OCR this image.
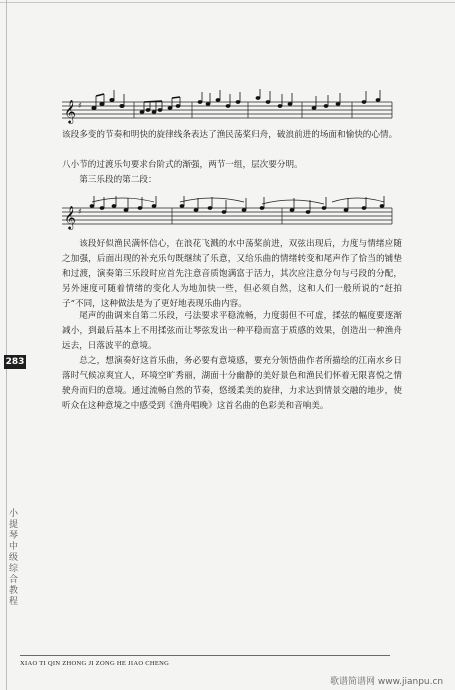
𝄞 ♯

该段多变的节奏和明快的旋律线条表达了渔民荡桨归舟，破浪前进的场面和愉快的心情。

八小节的过渡乐句要求台阶式的渐强，两节一组，层次要分明。

第三乐段的第二段：

𝄞 ♯

该段好似渔民满怀信心，在浪花飞溅的水中荡桨前进，双弦出现后，力度与情绪应随之加强，后面出现的补充乐句既继续了乐意，又给乐曲的情绪转变和尾声作了恰当的铺垫和过渡，演奏第三乐段时应首先注意音质饱满富于活力，其次应注意分句与弓段的分配，另外速度可随着情绪的变化人为地加快一些，但必须自然，这和人们一般所说的“赶拍子”不同，这种做法是为了更好地表现乐曲内容。

尾声的曲调来自第二乐段，弓法要求平稳流畅，力度弱但不可虚，揉弦的幅度要逐渐减小，到最后基本上不用揉弦而让琴弦发出一种平稳而富于质感的效果，创造出一种渔舟远去，日落波平的意境。

总之，想演奏好这首乐曲，务必要有意境感，要充分领悟曲作者所描绘的江南水乡日落时气候凉爽宜人，环境空旷秀丽，湖面十分幽静的美好景色和渔民们怀着无限喜悦之情驶舟而归的意境。通过流畅自然的节奏，悠缓柔美的旋律，力求达到情景交融的地步，使听众在这种意境之中感受到《渔舟唱晚》这首名曲的色彩美和音响美。

283
小提琴中级综合教程
XIAO TI QIN ZHONG JI ZONG HE JIAO CHENG
歌谱简谱网 www.jianpu.cn
